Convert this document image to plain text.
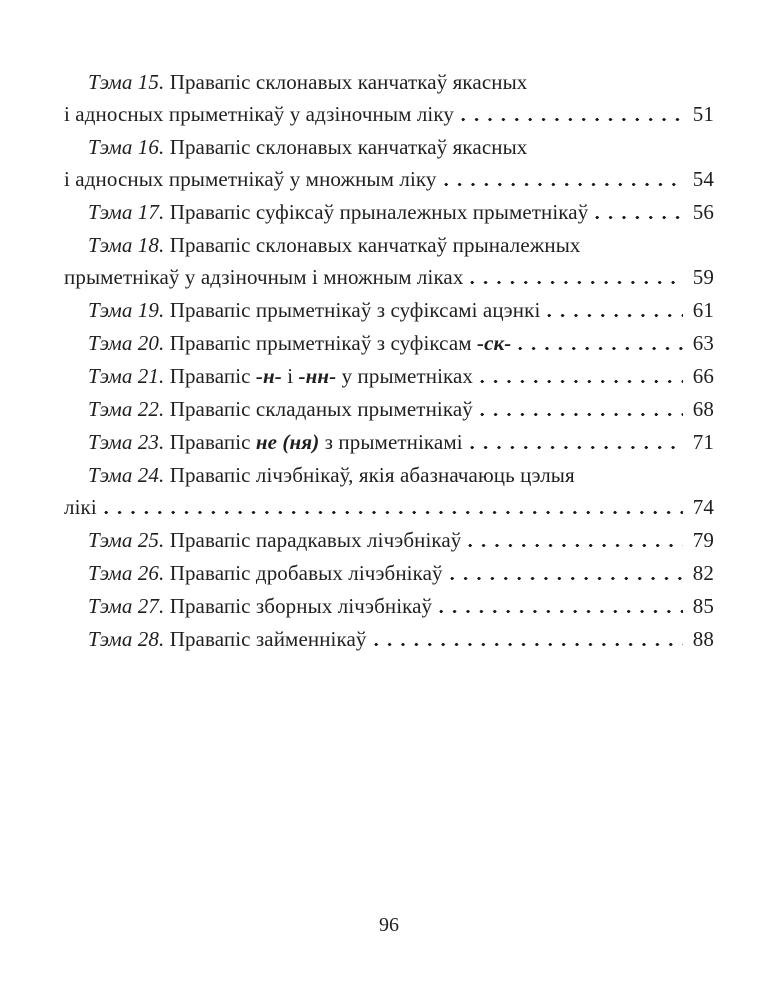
Тэма 15. Правапіс склонавых канчаткаў якасных
і адносных прыметнікаў у адзіночным ліку	51
Тэма 16. Правапіс склонавых канчаткаў якасных
і адносных прыметнікаў у множным ліку	54
Тэма 17. Правапіс суфіксаў прыналежных прыметнікаў	56
Тэма 18. Правапіс склонавых канчаткаў прыналежных
прыметнікаў у адзіночным і множным ліках	59
Тэма 19. Правапіс прыметнікаў з суфіксамі ацэнкі	61
Тэма 20. Правапіс прыметнікаў з суфіксам -ск-	63
Тэма 21. Правапіс -н- і -нн- у прыметніках	66
Тэма 22. Правапіс складаных прыметнікаў	68
Тэма 23. Правапіс не (ня) з прыметнікамі	71
Тэма 24. Правапіс лічэбнікаў, якія абазначаюць цэлыя
лікі	74
Тэма 25. Правапіс парадкавых лічэбнікаў	79
Тэма 26. Правапіс дробавых лічэбнікаў	82
Тэма 27. Правапіс зборных лічэбнікаў	85
Тэма 28. Правапіс займеннікаў	88
96
